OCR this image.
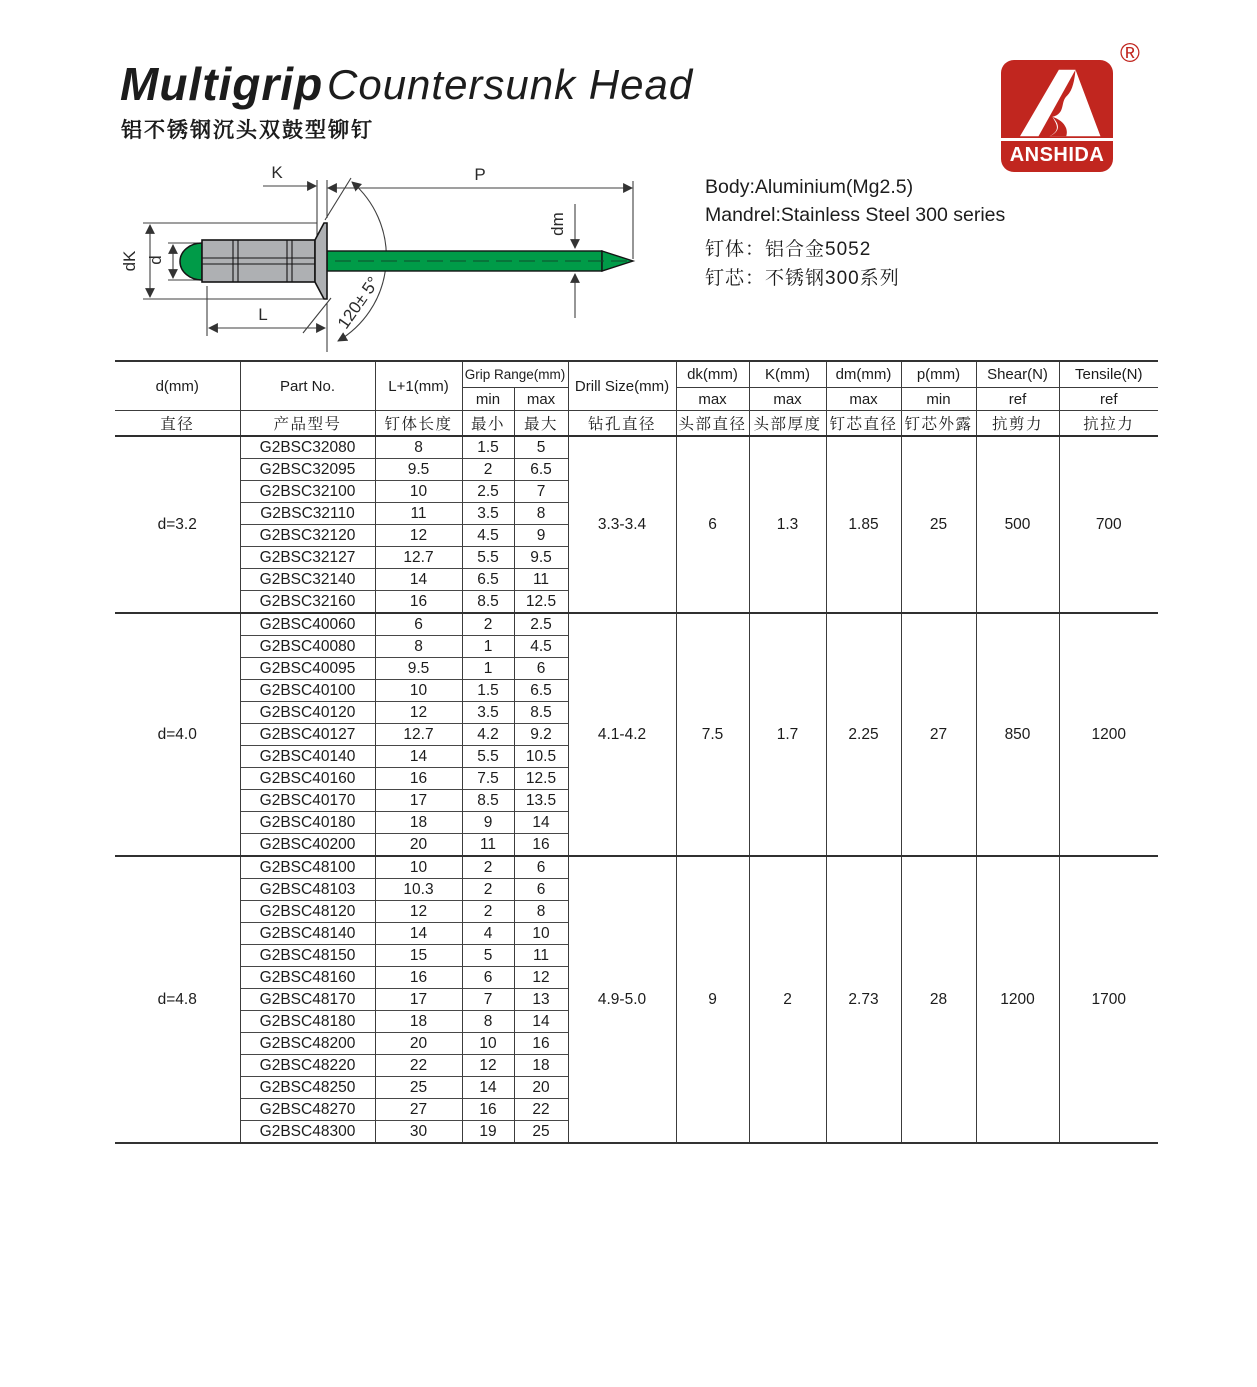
Multigrip Countersunk Head
铝不锈钢沉头双鼓型铆钉
®
ANSHIDA
Body:Aluminium(Mg2.5)
Mandrel:Stainless Steel 300 series
钉体：铝合金5052
钉芯：不锈钢300系列
dK d
K	P
dm
L	120± 5°
d(mm)	Part No.	L+1(mm)	Grip Range(mm)		Drill Size(mm)	dk(mm)	K(mm)	dm(mm)	p(mm)	Shear(N)	Tensile(N)
			min	max		max	max	max	min	ref	ref
直径	产品型号	钉体长度	最小	最大	钻孔直径	头部直径	头部厚度	钉芯直径	钉芯外露	抗剪力	抗拉力
d=3.2	G2BSC32080	8	1.5	5	3.3-3.4	6	1.3	1.85	25	500	700
	G2BSC32095	9.5	2	6.5							
	G2BSC32100	10	2.5	7							
	G2BSC32110	11	3.5	8							
	G2BSC32120	12	4.5	9							
	G2BSC32127	12.7	5.5	9.5							
	G2BSC32140	14	6.5	11							
	G2BSC32160	16	8.5	12.5							
d=4.0	G2BSC40060	6	2	2.5	4.1-4.2	7.5	1.7	2.25	27	850	1200
	G2BSC40080	8	1	4.5							
	G2BSC40095	9.5	1	6							
	G2BSC40100	10	1.5	6.5							
	G2BSC40120	12	3.5	8.5							
	G2BSC40127	12.7	4.2	9.2							
	G2BSC40140	14	5.5	10.5							
	G2BSC40160	16	7.5	12.5							
	G2BSC40170	17	8.5	13.5							
	G2BSC40180	18	9	14							
	G2BSC40200	20	11	16							
d=4.8	G2BSC48100	10	2	6	4.9-5.0	9	2	2.73	28	1200	1700
	G2BSC48103	10.3	2	6							
	G2BSC48120	12	2	8							
	G2BSC48140	14	4	10							
	G2BSC48150	15	5	11							
	G2BSC48160	16	6	12							
	G2BSC48170	17	7	13							
	G2BSC48180	18	8	14							
	G2BSC48200	20	10	16							
	G2BSC48220	22	12	18							
	G2BSC48250	25	14	20							
	G2BSC48270	27	16	22							
	G2BSC48300	30	19	25							
